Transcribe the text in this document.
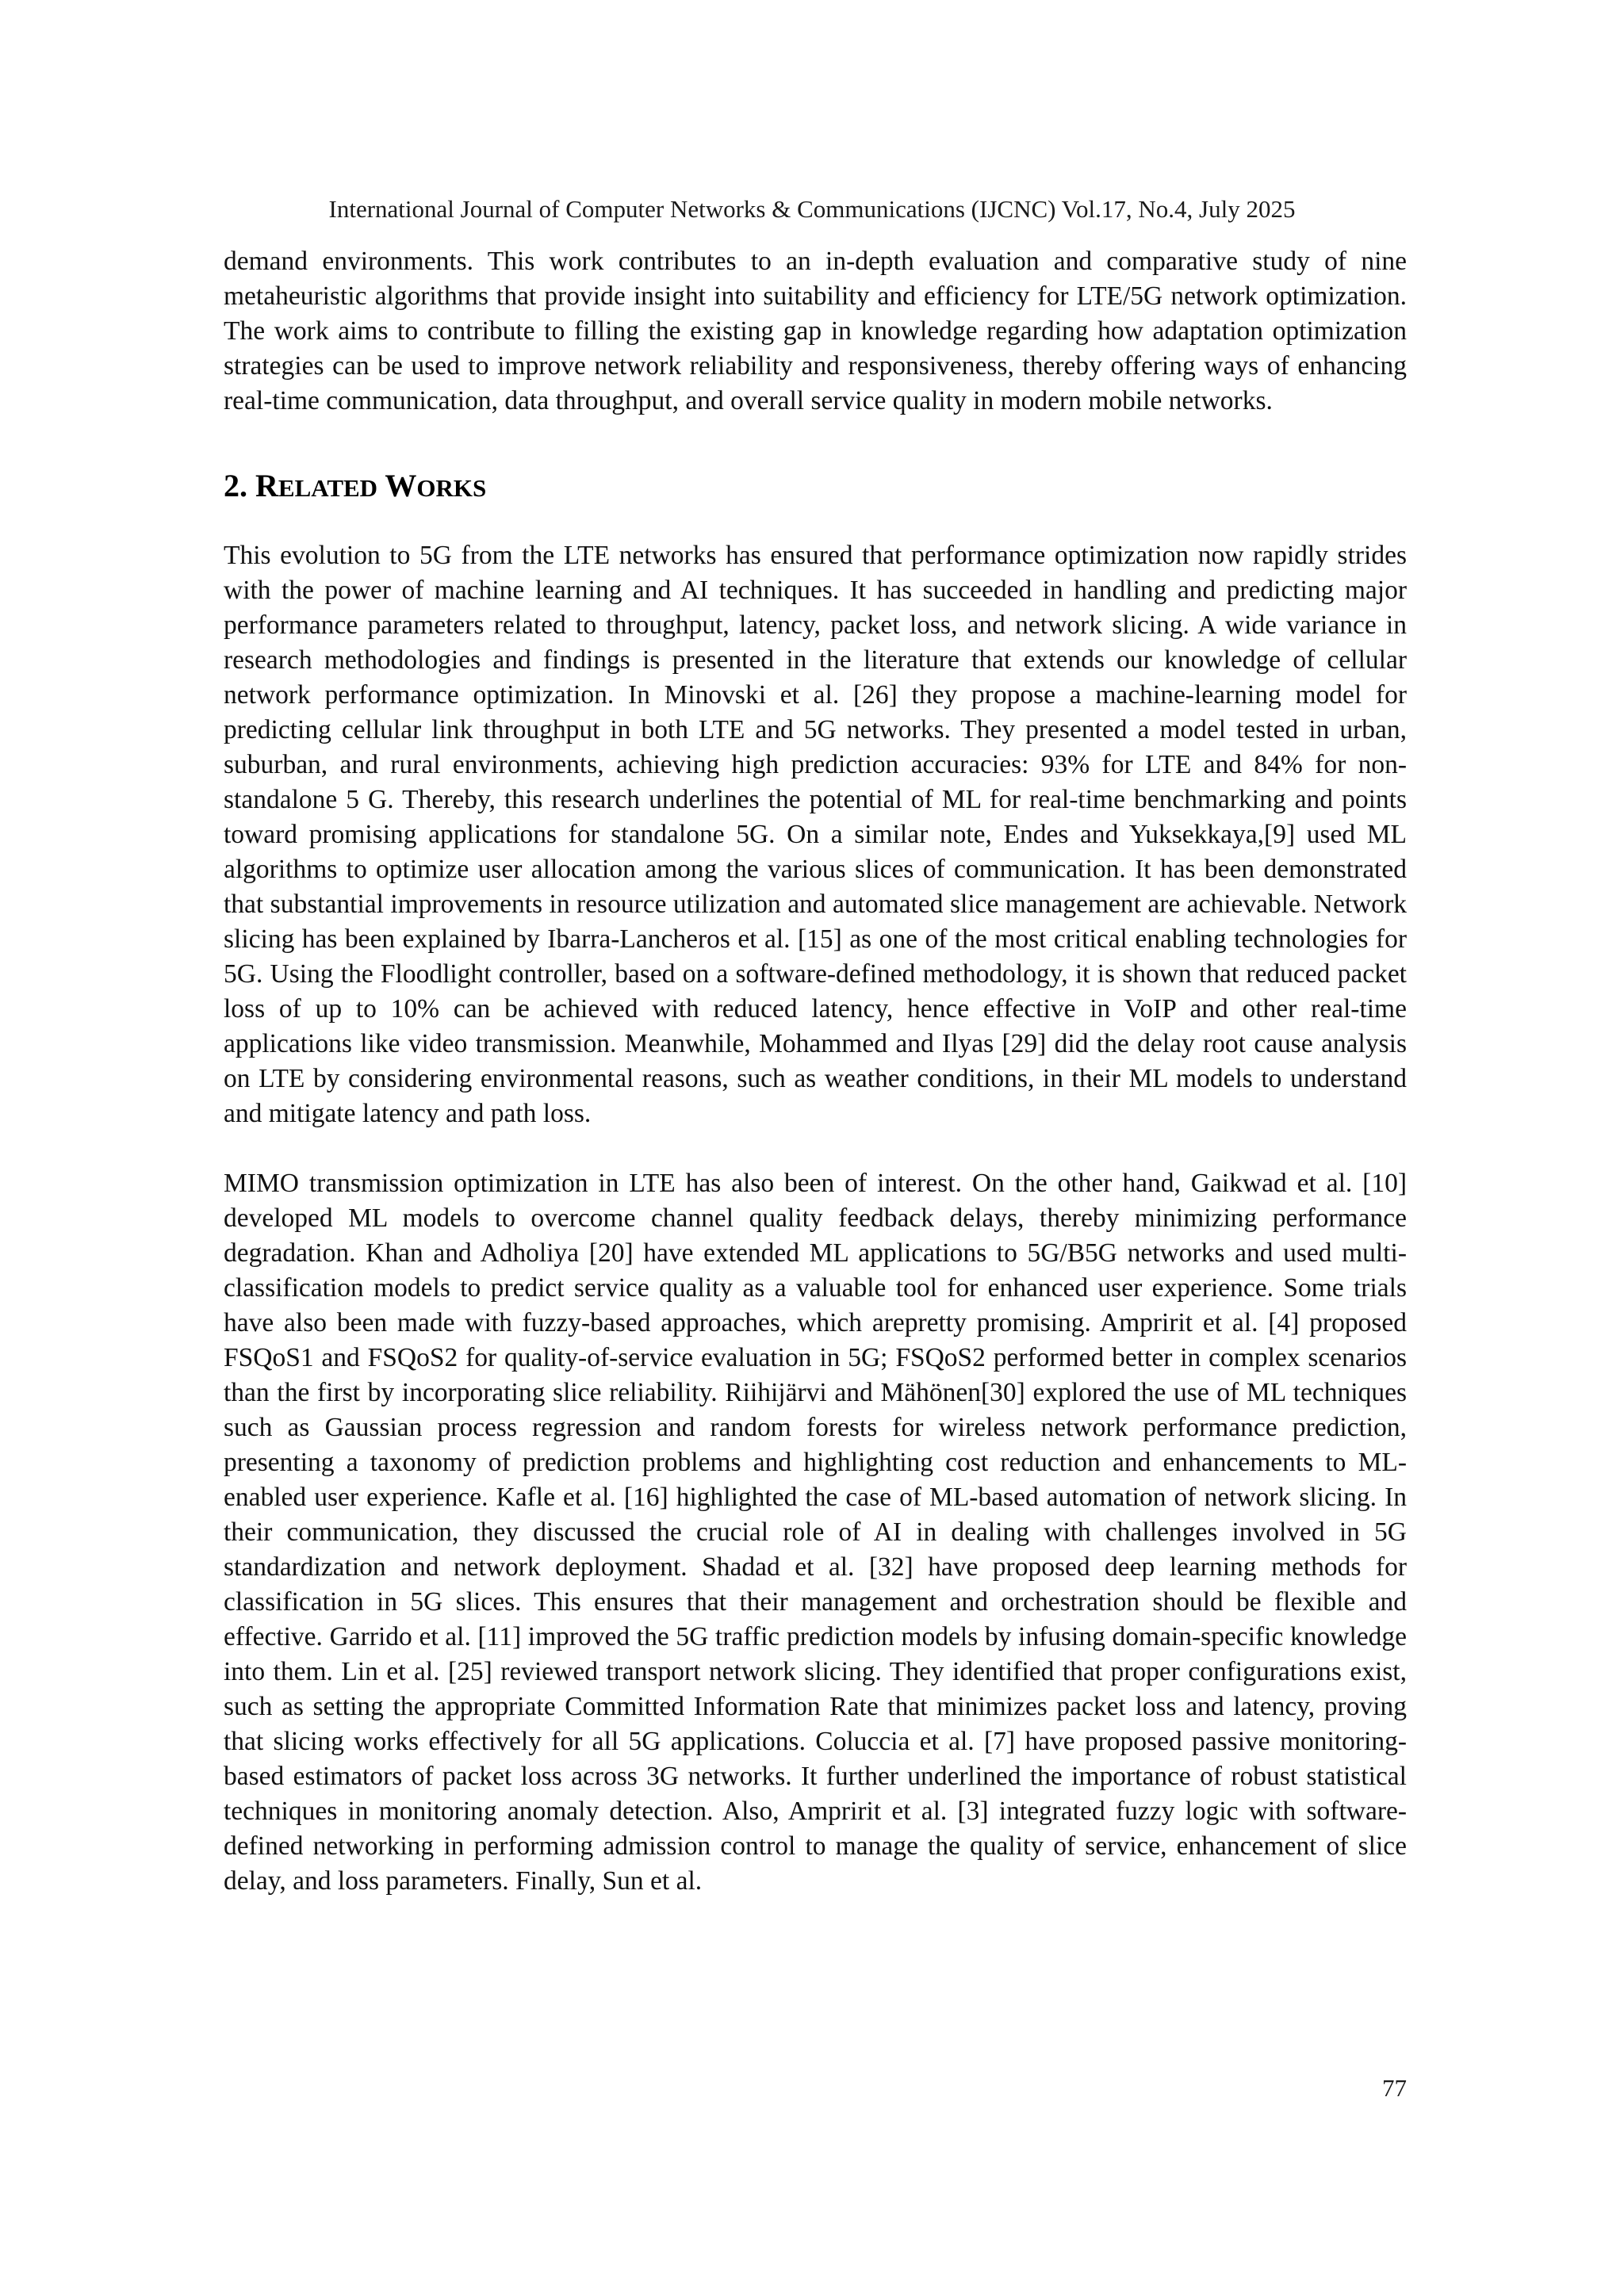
International Journal of Computer Networks & Communications (IJCNC) Vol.17, No.4, July 2025

demand environments. This work contributes to an in-depth evaluation and comparative study of nine metaheuristic algorithms that provide insight into suitability and efficiency for LTE/5G network optimization. The work aims to contribute to filling the existing gap in knowledge regarding how adaptation optimization strategies can be used to improve network reliability and responsiveness, thereby offering ways of enhancing real-time communication, data throughput, and overall service quality in modern mobile networks.

2. RELATED WORKS

This evolution to 5G from the LTE networks has ensured that performance optimization now rapidly strides with the power of machine learning and AI techniques. It has succeeded in handling and predicting major performance parameters related to throughput, latency, packet loss, and network slicing. A wide variance in research methodologies and findings is presented in the literature that extends our knowledge of cellular network performance optimization. In Minovski et al. [26] they propose a machine-learning model for predicting cellular link throughput in both LTE and 5G networks. They presented a model tested in urban, suburban, and rural environments, achieving high prediction accuracies: 93% for LTE and 84% for non-standalone 5 G. Thereby, this research underlines the potential of ML for real-time benchmarking and points toward promising applications for standalone 5G. On a similar note, Endes and Yuksekkaya,[9] used ML algorithms to optimize user allocation among the various slices of communication. It has been demonstrated that substantial improvements in resource utilization and automated slice management are achievable. Network slicing has been explained by Ibarra-Lancheros et al. [15] as one of the most critical enabling technologies for 5G. Using the Floodlight controller, based on a software-defined methodology, it is shown that reduced packet loss of up to 10% can be achieved with reduced latency, hence effective in VoIP and other real-time applications like video transmission. Meanwhile, Mohammed and Ilyas [29] did the delay root cause analysis on LTE by considering environmental reasons, such as weather conditions, in their ML models to understand and mitigate latency and path loss.

MIMO transmission optimization in LTE has also been of interest. On the other hand, Gaikwad et al. [10] developed ML models to overcome channel quality feedback delays, thereby minimizing performance degradation. Khan and Adholiya [20] have extended ML applications to 5G/B5G networks and used multi-classification models to predict service quality as a valuable tool for enhanced user experience. Some trials have also been made with fuzzy-based approaches, which arepretty promising. Ampririt et al. [4] proposed FSQoS1 and FSQoS2 for quality-of-service evaluation in 5G; FSQoS2 performed better in complex scenarios than the first by incorporating slice reliability. Riihijärvi and Mähönen[30] explored the use of ML techniques such as Gaussian process regression and random forests for wireless network performance prediction, presenting a taxonomy of prediction problems and highlighting cost reduction and enhancements to ML-enabled user experience. Kafle et al. [16] highlighted the case of ML-based automation of network slicing. In their communication, they discussed the crucial role of AI in dealing with challenges involved in 5G standardization and network deployment. Shadad et al. [32] have proposed deep learning methods for classification in 5G slices. This ensures that their management and orchestration should be flexible and effective. Garrido et al. [11] improved the 5G traffic prediction models by infusing domain-specific knowledge into them. Lin et al. [25] reviewed transport network slicing. They identified that proper configurations exist, such as setting the appropriate Committed Information Rate that minimizes packet loss and latency, proving that slicing works effectively for all 5G applications. Coluccia et al. [7] have proposed passive monitoring-based estimators of packet loss across 3G networks. It further underlined the importance of robust statistical techniques in monitoring anomaly detection. Also, Ampririt et al. [3] integrated fuzzy logic with software-defined networking in performing admission control to manage the quality of service, enhancement of slice delay, and loss parameters. Finally, Sun et al.

77
